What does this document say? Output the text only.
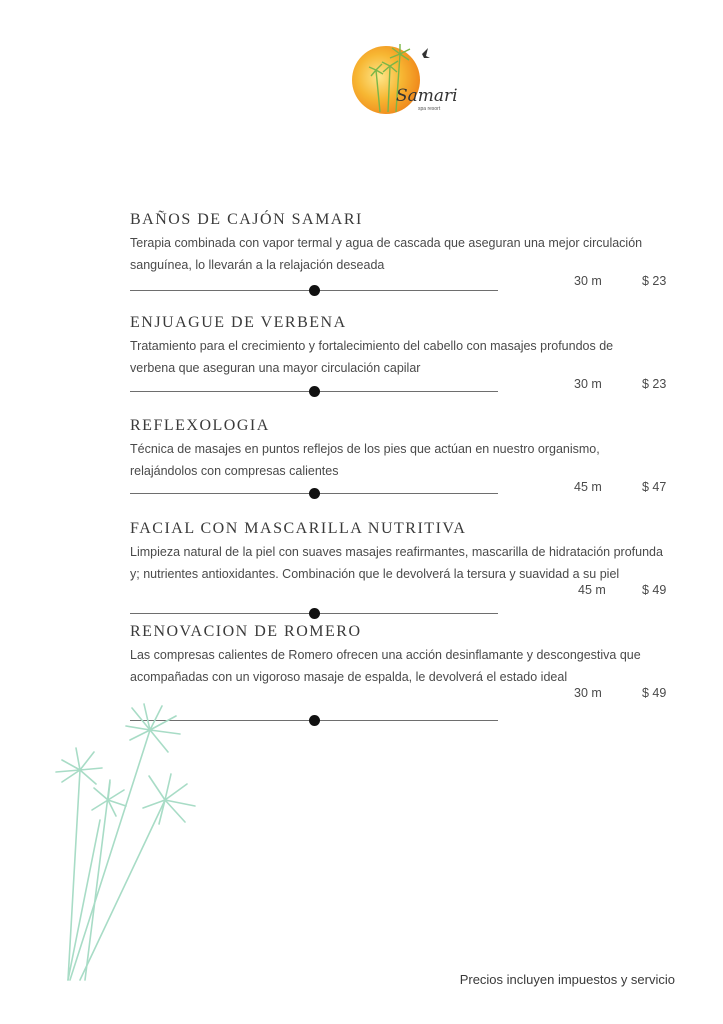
Samari
spa resort
BAÑOS DE CAJÓN SAMARI
Terapia combinada con vapor termal y agua de cascada que aseguran una mejor circulación
sanguínea, lo llevarán a la relajación deseada
30 m	$ 23
ENJUAGUE DE VERBENA
Tratamiento para el crecimiento y fortalecimiento del cabello con masajes profundos de
verbena que aseguran una mayor circulación capilar
30 m	$ 23
REFLEXOLOGIA
Técnica de masajes en puntos reflejos de los pies que actúan en nuestro organismo,
relajándolos con compresas calientes
45 m	$ 47
FACIAL CON MASCARILLA NUTRITIVA
Limpieza natural de la piel con suaves masajes reafirmantes, mascarilla de hidratación profunda
y; nutrientes antioxidantes. Combinación que le devolverá la tersura y suavidad a su piel
45 m	$ 49
RENOVACION DE ROMERO
Las compresas calientes de Romero ofrecen una acción desinflamante y descongestiva que
acompañadas con un vigoroso masaje de espalda, le devolverá el estado ideal
30 m	$ 49
Precios incluyen impuestos y servicio
